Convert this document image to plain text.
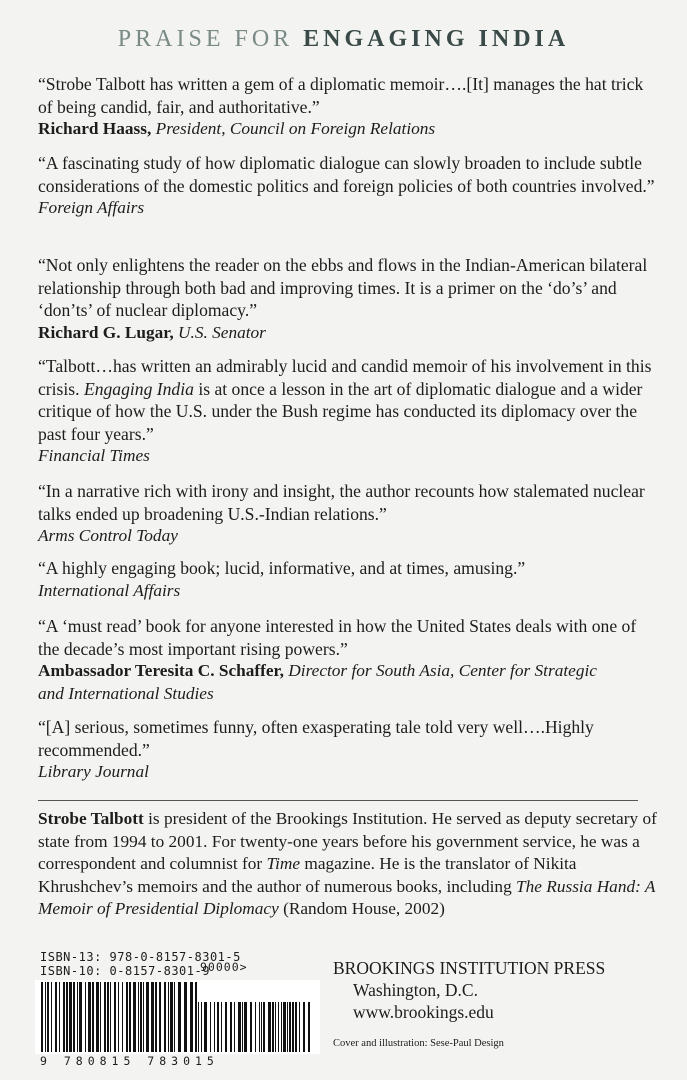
PRAISE FOR ENGAGING INDIA

“Strobe Talbott has written a gem of a diplomatic memoir….[It] manages the hat trick of being candid, fair, and authoritative.”

Richard Haass, President, Council on Foreign Relations

“A fascinating study of how diplomatic dialogue can slowly broaden to include subtle considerations of the domestic politics and foreign policies of both countries involved.”

Foreign Affairs

“Not only enlightens the reader on the ebbs and flows in the Indian-American bilateral relationship through both bad and improving times. It is a primer on the ‘do’s’ and ‘don’ts’ of nuclear diplomacy.”

Richard G. Lugar, U.S. Senator

“Talbott…has written an admirably lucid and candid memoir of his involvement in this crisis. Engaging India is at once a lesson in the art of diplomatic dialogue and a wider critique of how the U.S. under the Bush regime has conducted its diplomacy over the past four years.”

Financial Times

“In a narrative rich with irony and insight, the author recounts how stalemated nuclear talks ended up broadening U.S.-Indian relations.”

Arms Control Today

“A highly engaging book; lucid, informative, and at times, amusing.”

International Affairs

“A ‘must read’ book for anyone interested in how the United States deals with one of the decade’s most important rising powers.”

Ambassador Teresita C. Schaffer, Director for South Asia, Center for Strategic and International Studies

“[A] serious, sometimes funny, often exasperating tale told very well….Highly recommended.”

Library Journal

Strobe Talbott is president of the Brookings Institution. He served as deputy secretary of state from 1994 to 2001. For twenty-one years before his government service, he was a correspondent and columnist for Time magazine. He is the translator of Nikita Khrushchev’s memoirs and the author of numerous books, including The Russia Hand: A Memoir of Presidential Diplomacy (Random House, 2002)

ISBN-13: 978-0-8157-8301-5
ISBN-10: 0-8157-8301-9
90000>
9 780815 783015
BROOKINGS INSTITUTION PRESS
Washington, D.C.
www.brookings.edu
Cover and illustration: Sese-Paul Design
